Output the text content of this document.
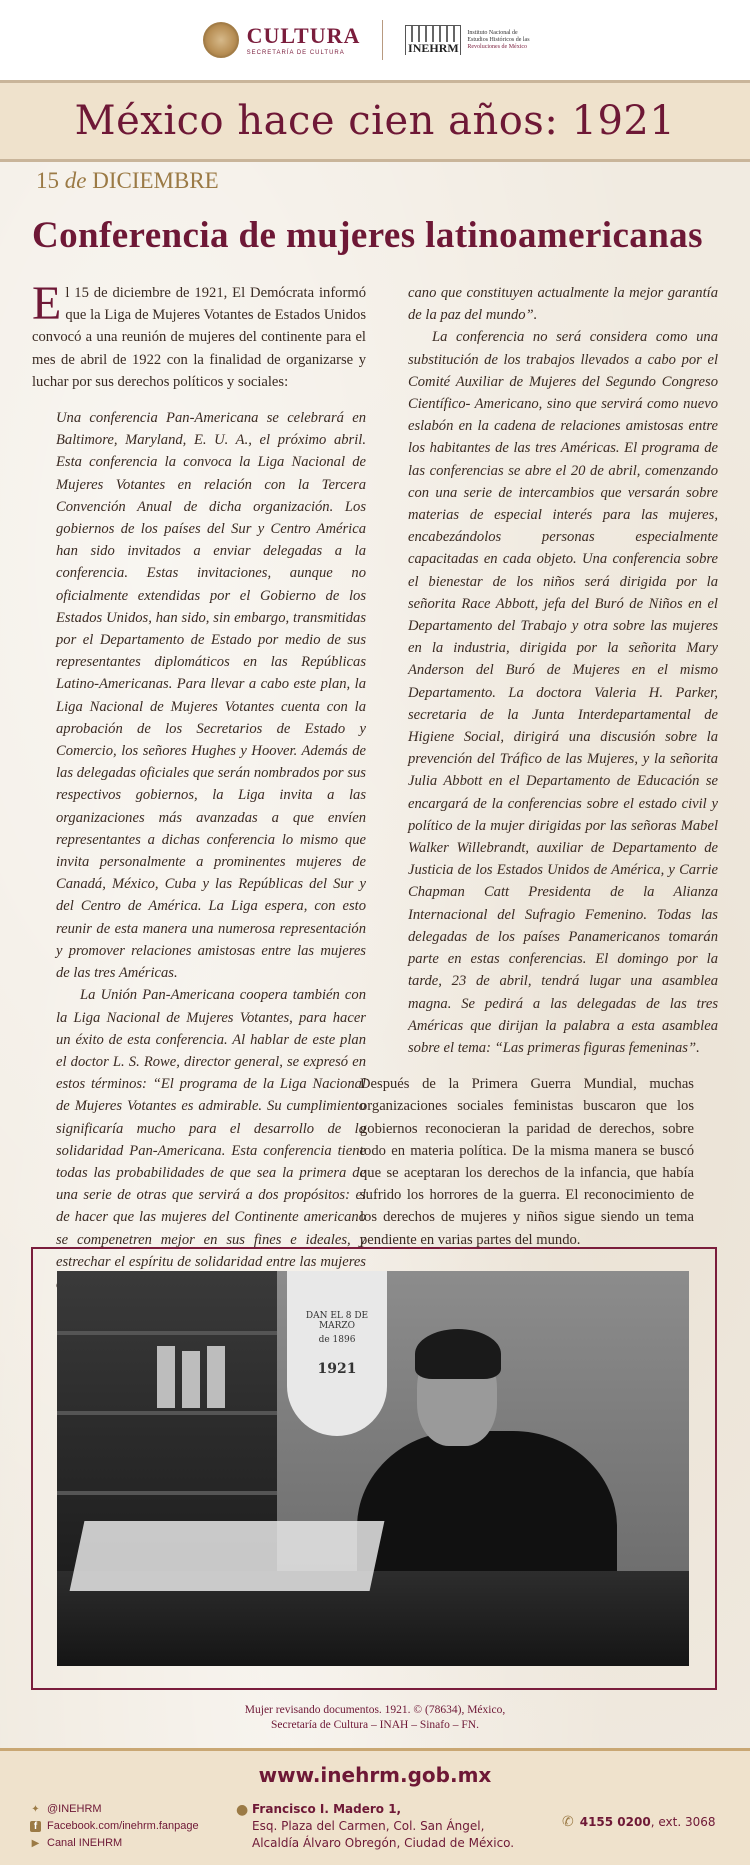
CULTURA
SECRETARÍA DE CULTURA	INEHRM
Instituto Nacional de
Estudios Históricos de las
Revoluciones de México
México hace cien años: 1921
15 de DICIEMBRE
Conferencia de mujeres latinoamericanas

El 15 de diciembre de 1921, El Demócrata informó que la Liga de Mujeres Votantes de Estados Unidos convocó a una reunión de mujeres del continente para el mes de abril de 1922 con la finalidad de organizarse y luchar por sus derechos políticos y sociales:

Una conferencia Pan-Americana se celebrará en Baltimore, Maryland, E. U. A., el próximo abril. Esta conferencia la convoca la Liga Nacional de Mujeres Votantes en relación con la Tercera Convención Anual de dicha organización. Los gobiernos de los países del Sur y Centro América han sido invitados a enviar delegadas a la conferencia. Estas invitaciones, aunque no oficialmente extendidas por el Gobierno de los Estados Unidos, han sido, sin embargo, transmitidas por el Departamento de Estado por medio de sus representantes diplomáticos en las Repúblicas Latino-Americanas. Para llevar a cabo este plan, la Liga Nacional de Mujeres Votantes cuenta con la aprobación de los Secretarios de Estado y Comercio, los señores Hughes y Hoover. Además de las delegadas oficiales que serán nombrados por sus respectivos gobiernos, la Liga invita a las organizaciones más avanzadas a que envíen representantes a dichas conferencia lo mismo que invita personalmente a prominentes mujeres de Canadá, México, Cuba y las Repúblicas del Sur y del Centro de América. La Liga espera, con esto reunir de esta manera una numerosa representación y promover relaciones amistosas entre las mujeres de las tres Américas.

La Unión Pan-Americana coopera también con la Liga Nacional de Mujeres Votantes, para hacer un éxito de esta conferencia. Al hablar de este plan el doctor L. S. Rowe, director general, se expresó en estos términos: “El programa de la Liga Nacional de Mujeres Votantes es admirable. Su cumplimiento significaría mucho para el desarrollo de la solidaridad Pan-Americana. Esta conferencia tiene todas las probabilidades de que sea la primera de una serie de otras que servirá a dos propósitos: el de hacer que las mujeres del Continente americano se compenetren mejor en sus fines e ideales, y estrechar el espíritu de solidaridad entre las mujeres

cano que constituyen actualmente la mejor garantía de la paz del mundo”.

La conferencia no será considera como una substitución de los trabajos llevados a cabo por el Comité Auxiliar de Mujeres del Segundo Congreso Científico- Americano, sino que servirá como nuevo eslabón en la cadena de relaciones amistosas entre los habitantes de las tres Américas. El programa de las conferencias se abre el 20 de abril, comenzando con una serie de intercambios que versarán sobre materias de especial interés para las mujeres, encabezándolos personas especialmente capacitadas en cada objeto. Una conferencia sobre el bienestar de los niños será dirigida por la señorita Race Abbott, jefa del Buró de Niños en el Departamento del Trabajo y otra sobre las mujeres en la industria, dirigida por la señorita Mary Anderson del Buró de Mujeres en el mismo Departamento. La doctora Valeria H. Parker, secretaria de la Junta Interdepartamental de Higiene Social, dirigirá una discusión sobre la prevención del Tráfico de las Mujeres, y la señorita Julia Abbott en el Departamento de Educación se encargará de la conferencias sobre el estado civil y político de la mujer dirigidas por las señoras Mabel Walker Willebrandt, auxiliar de Departamento de Justicia de los Estados Unidos de América, y Carrie Chapman Catt Presidenta de la Alianza Internacional del Sufragio Femenino. Todas las delegadas de los países Panamericanos tomarán parte en estas conferencias. El domingo por la tarde, 23 de abril, tendrá lugar una asamblea magna. Se pedirá a las delegadas de las tres Américas que dirijan la palabra a esta asamblea sobre el tema: “Las primeras figuras femeninas”.

Después de la Primera Guerra Mundial, muchas organizaciones sociales feministas buscaron que los gobiernos reconocieran la paridad de derechos, sobre todo en materia política. De la misma manera se buscó que se aceptaran los derechos de la infancia, que había sufrido los horrores de la guerra. El reconocimiento de los derechos de mujeres y niños sigue siendo un tema pendiente en varias partes del mundo.

DAN EL 8 DE MARZO
de 1896
1921
Mujer revisando documentos. 1921. © (78634), México,
Secretaría de Cultura – INAH – Sinafo – FN.
www.inehrm.gob.mx
✦ @INEHRM
f Facebook.com/inehrm.fanpage
▶ Canal INEHRM
● Francisco I. Madero 1,
Esq. Plaza del Carmen, Col. San Ángel,
Alcaldía Álvaro Obregón, Ciudad de México.
✆ 4155 0200, ext. 3068
